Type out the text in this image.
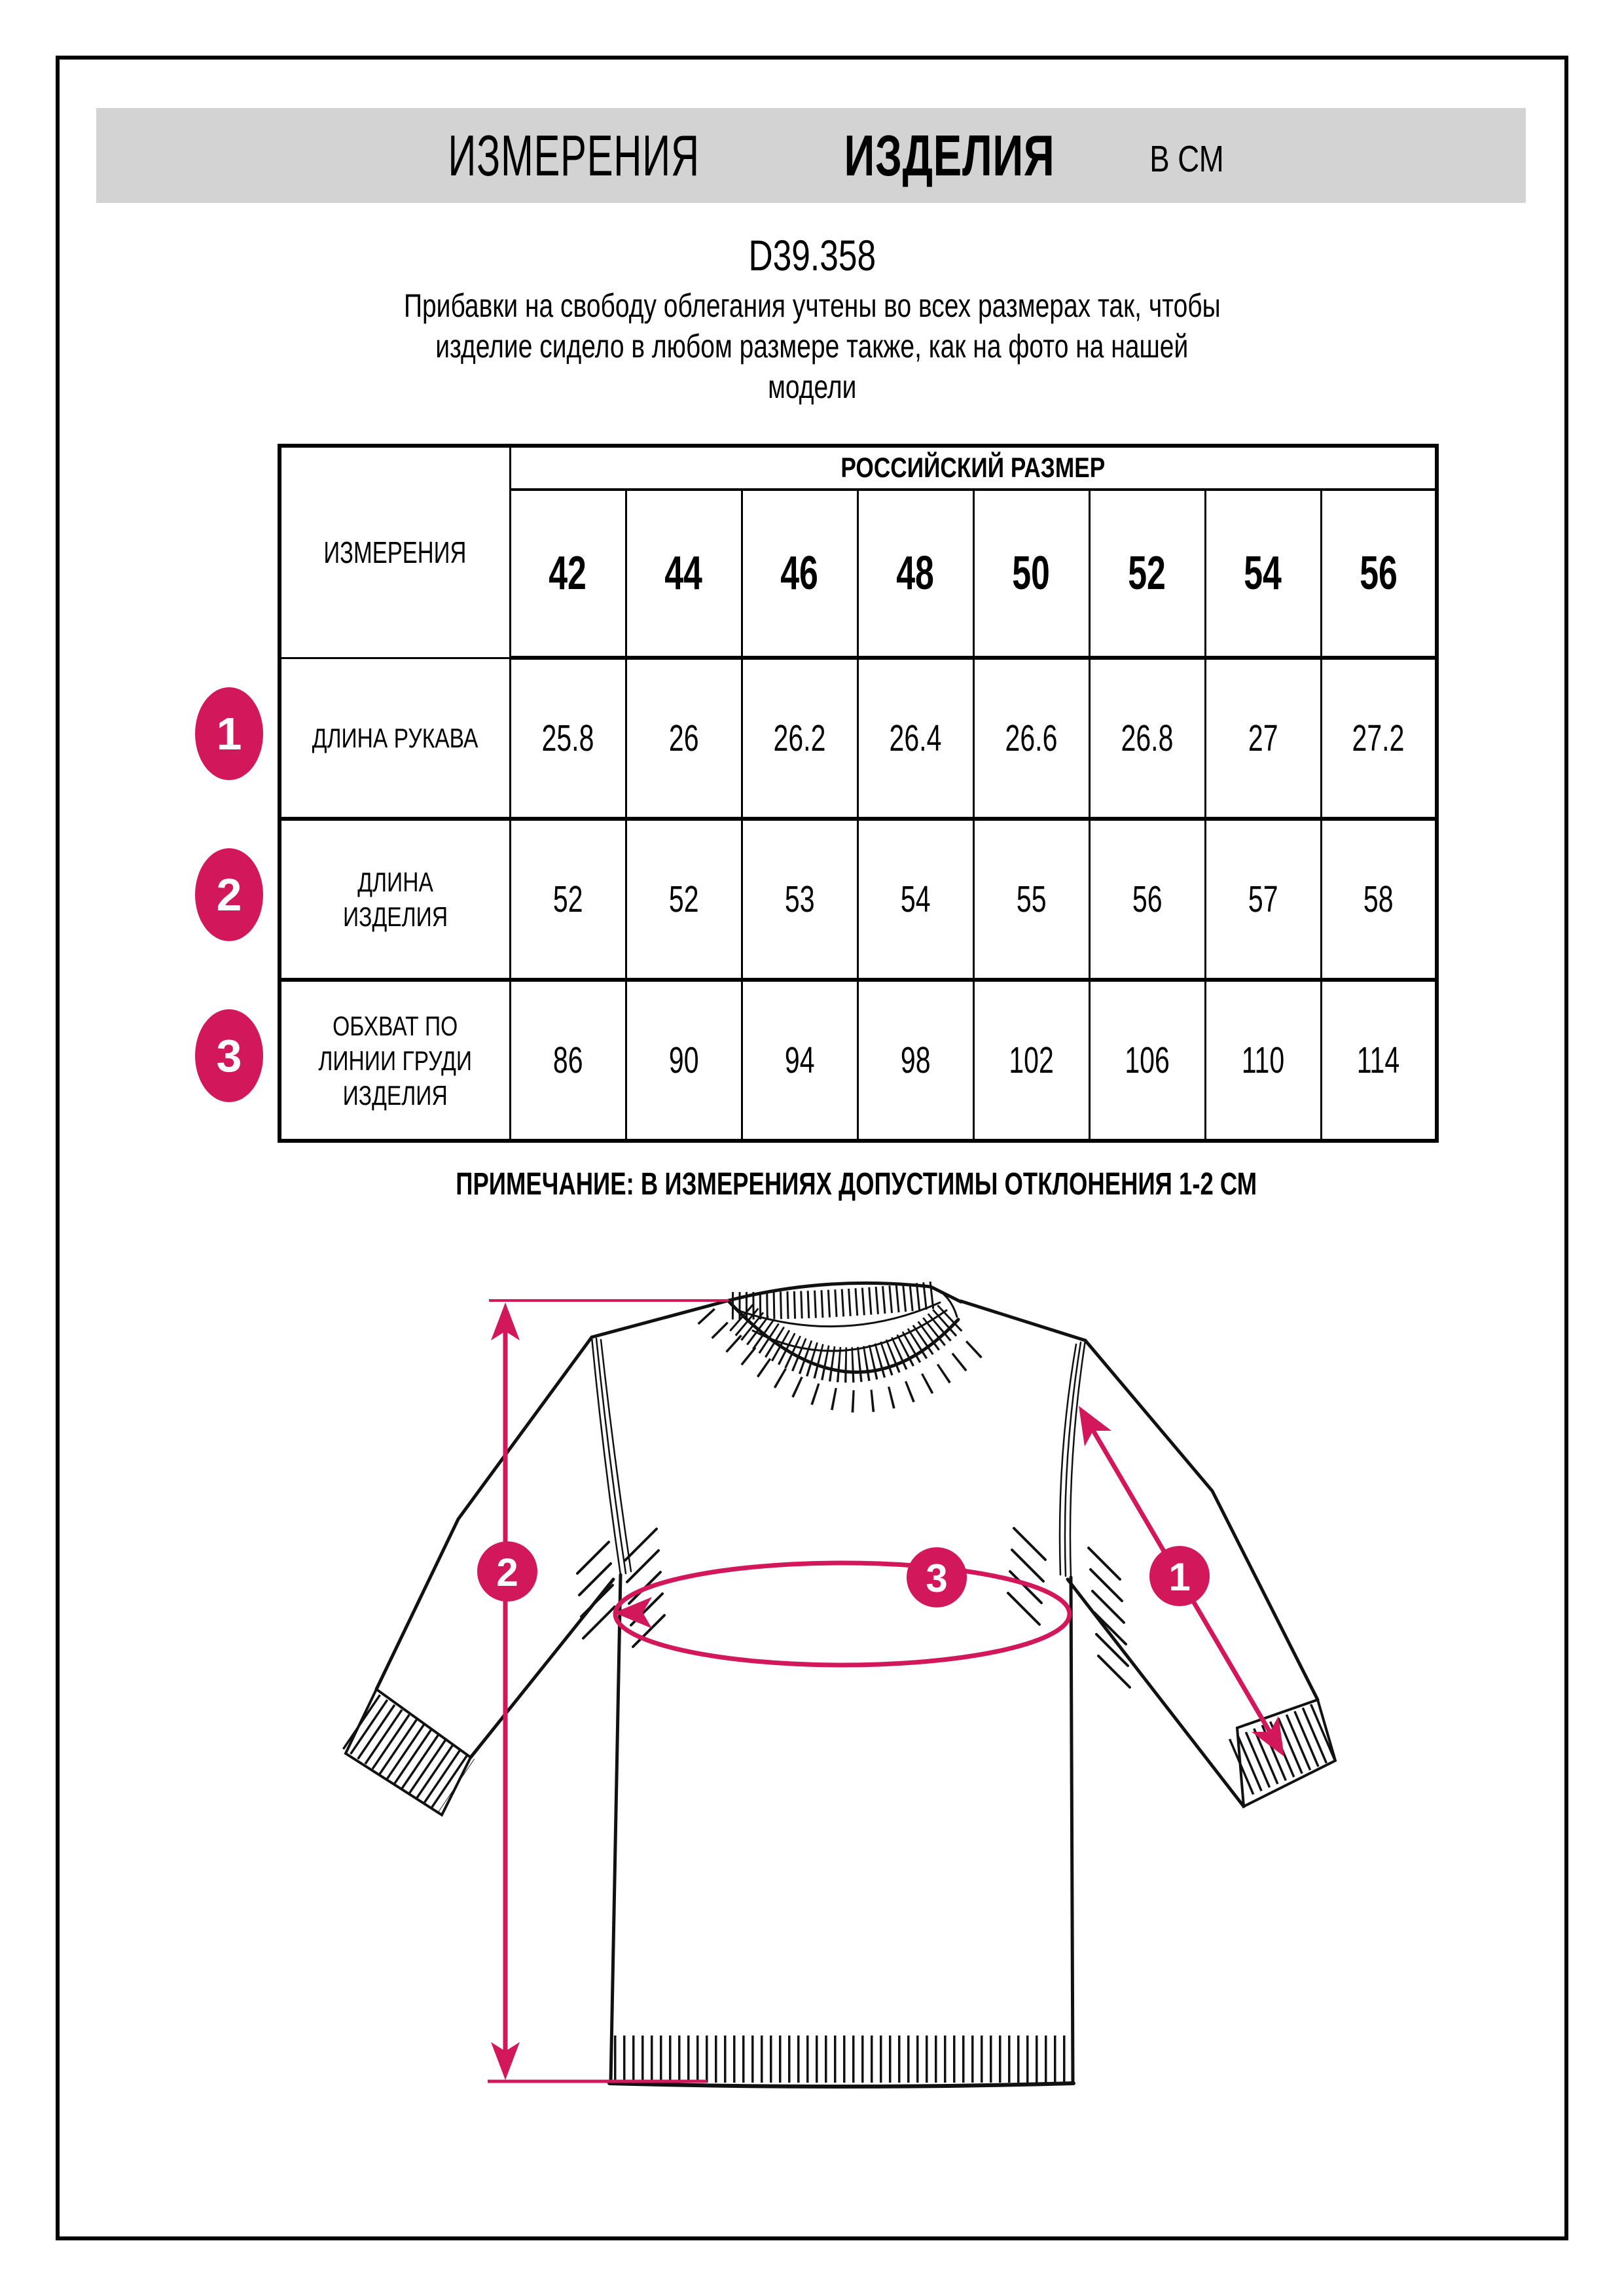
ИЗМЕРЕНИЯ	ИЗДЕЛИЯ	В СМ
D39.358
Прибавки на свободу облегания учтены во всех размерах так, чтобы
изделие сидело в любом размере также, как на фото на нашей
модели
ИЗМЕРЕНИЯ	РОССИЙСКИЙ РАЗМЕР							
	42	44	46	48	50	52	54	56

ДЛИНА РУКАВА	25.8	26	26.2	26.4	26.6	26.8	27	27.2

ДЛИНА
ИЗДЕЛИЯ	52	52	53	54	55	56	57	58

ОБХВАТ ПО
ЛИНИИ ГРУДИ
ИЗДЕЛИЯ	86	90	94	98	102	106	110	114
1
2
3
ПРИМЕЧАНИЕ: В ИЗМЕРЕНИЯХ ДОПУСТИМЫ ОТКЛОНЕНИЯ 1-2 СМ
2	3	1
